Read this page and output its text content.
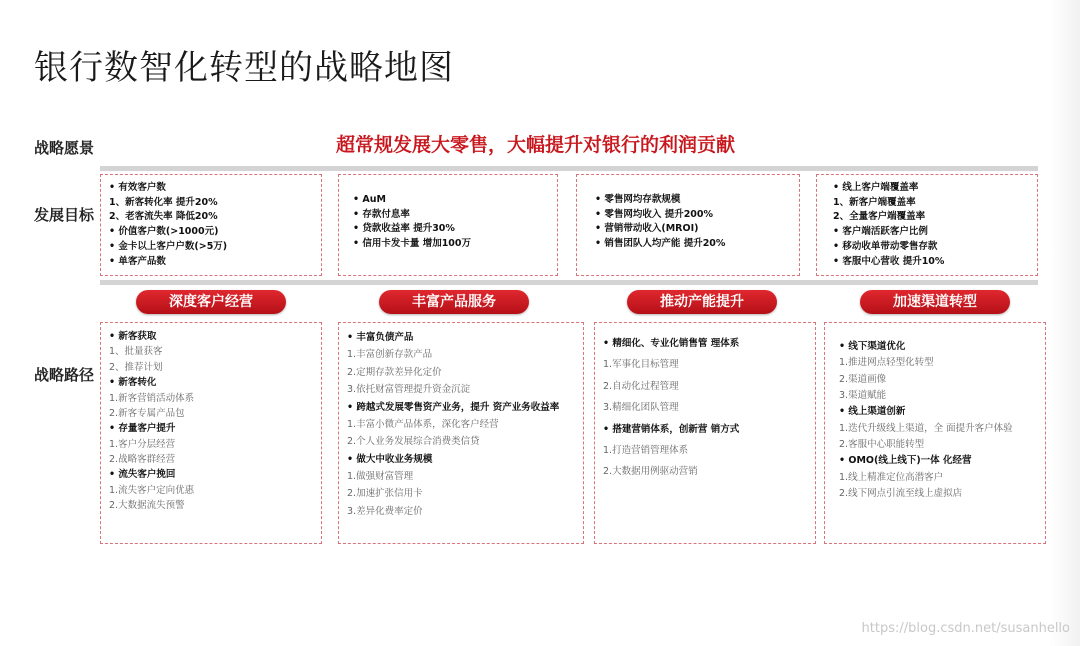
银行数智化转型的战略地图
战略愿景
发展目标
战略路径
超常规发展大零售，大幅提升对银行的利润贡献
• 有效客户数
1、新客转化率 提升20%
2、老客流失率 降低20%
• 价值客户数(>1000元)
• 金卡以上客户户数(>5万)
• 单客产品数
• AuM
• 存款付息率
• 贷款收益率 提升30%
• 信用卡发卡量 增加100万
• 零售网均存款规模
• 零售网均收入 提升200%
• 营销带动收入(MROI)
• 销售团队人均产能 提升20%
• 线上客户端覆盖率
1、新客户端覆盖率
2、全量客户端覆盖率
• 客户端活跃客户比例
• 移动收单带动零售存款
• 客服中心营收 提升10%
深度客户经营	丰富产品服务	推动产能提升	加速渠道转型
• 新客获取
1、批量获客
2、推荐计划
• 新客转化
1.新客营销活动体系
2.新客专属产品包
• 存量客户提升
1.客户分层经营
2.战略客群经营
• 流失客户挽回
1.流失客户定向优惠
2.大数据流失预警
• 丰富负债产品
1.丰富创新存款产品
2.定期存款差异化定价
3.依托财富管理提升资金沉淀
• 跨越式发展零售资产业务，提升 资产业务收益率
1.丰富小微产品体系，深化客户经营
2.个人业务发展综合消费类信贷
• 做大中收业务规模
1.做强财富管理
2.加速扩张信用卡
3.差异化费率定价
• 精细化、专业化销售管 理体系
1.军事化目标管理
2.自动化过程管理
3.精细化团队管理
• 搭建营销体系，创新营 销方式
1.打造营销管理体系
2.大数据用例驱动营销
• 线下渠道优化
1.推进网点轻型化转型
2.渠道画像
3.渠道赋能
• 线上渠道创新
1.迭代升级线上渠道，全 面提升客户体验
2.客服中心职能转型
• OMO(线上线下)一体 化经营
1.线上精准定位高潜客户
2.线下网点引流至线上虚拟店
https://blog.csdn.net/susanhello
